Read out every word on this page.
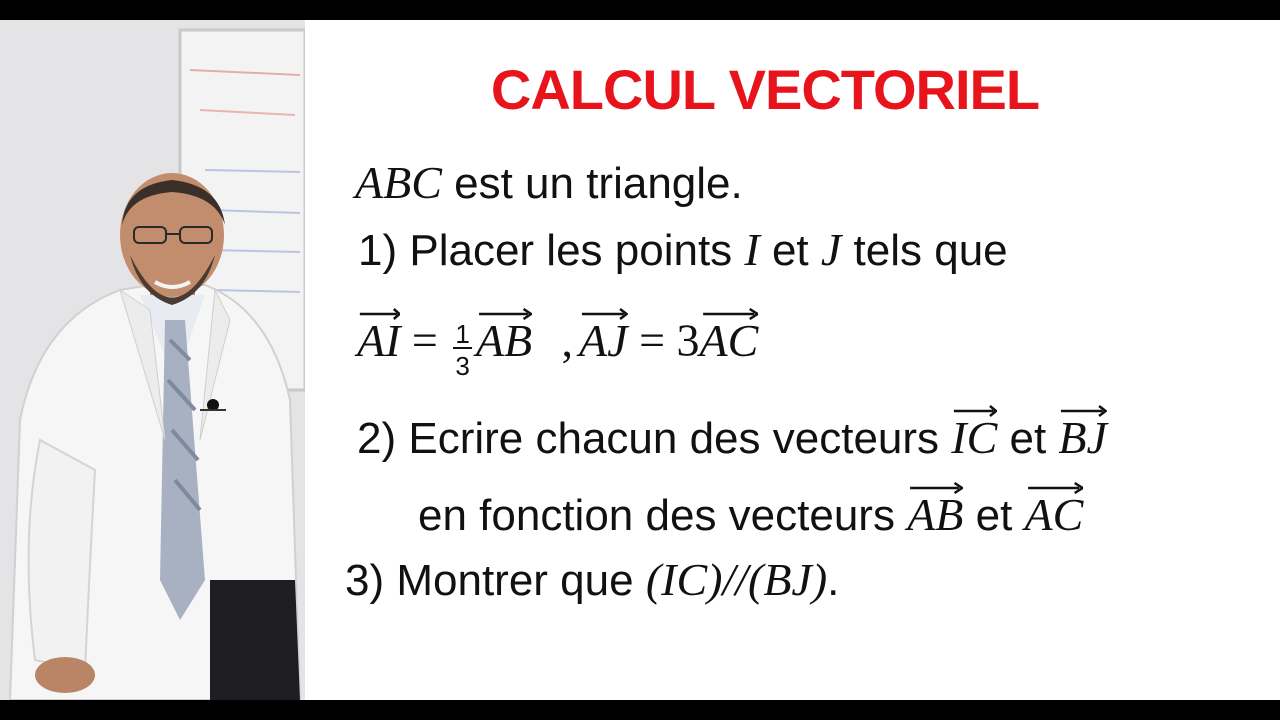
CALCUL VECTORIEL
ABC est un triangle.
1) Placer les points I et J tels que
AI = $\frac{1}{3}$ AB , AJ = 3
AC
2) Ecrire chacun des vecteurs
IC et
BJ
en fonction des vecteurs
AB et
AC
3) Montrer que (IC)//(BJ).
